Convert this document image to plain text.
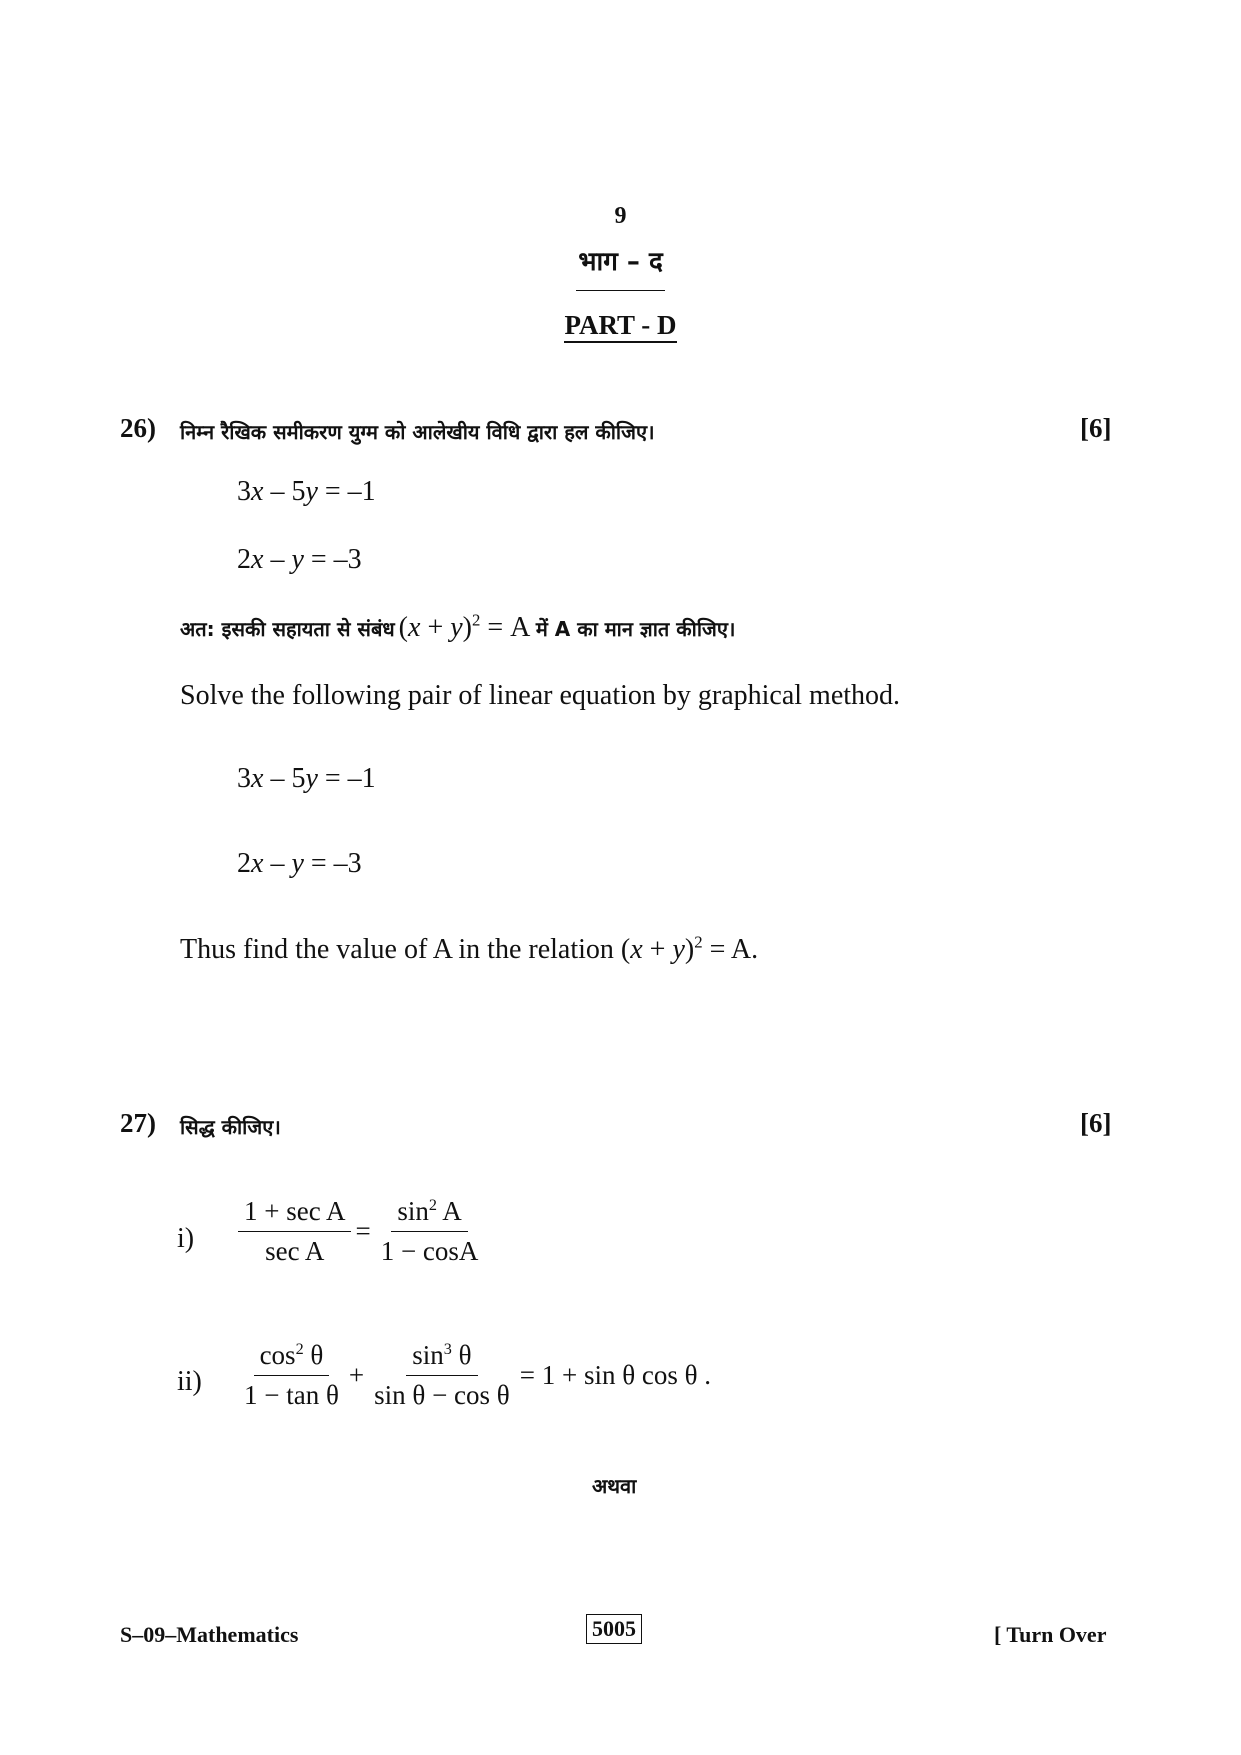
9
भाग – द
PART - D
26) निम्न रैखिक समीकरण युग्म को आलेखीय विधि द्वारा हल कीजिए।	[6]
3x – 5y = –1
2x – y = –3
अत: इसकी सहायता से संबंध $(x + y)^2 = A$ में A का मान ज्ञात कीजिए।
Solve the following pair of linear equation by graphical method.
3x – 5y = –1
2x – y = –3
Thus find the value of A in the relation $(x + y)^2 = A$.
27) सिद्ध कीजिए।	[6]
$i) \frac{\text{1 + sec A}}{\text{sec A}} = \frac{\sin^2 A}{1 - \cos A}$
$ii) \frac{\cos^2 \theta}{\text{1 − tan θ}} + \frac{\sin^3 \theta}{\text{sin θ − cos θ}} = 1 + \sin \theta$ cos θ .
अथवा
S–09–Mathematics	5005	[ Turn Over
